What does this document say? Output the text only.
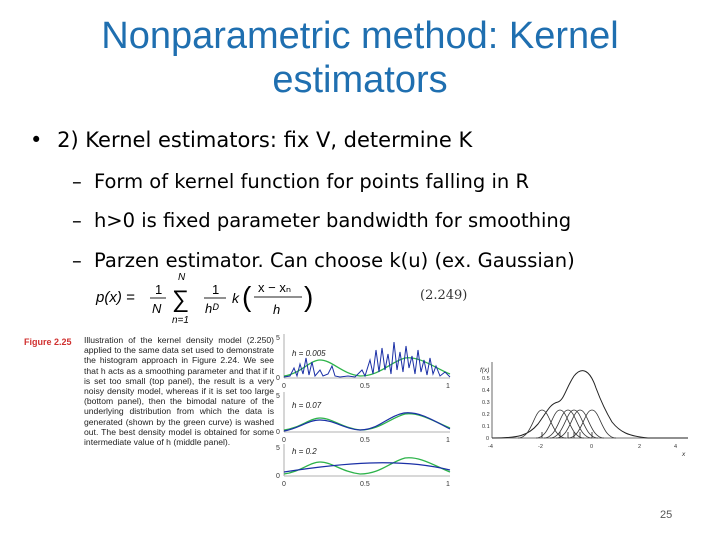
Nonparametric method: Kernel
estimators
• 2) Kernel estimators: fix V, determine K
– Form of kernel function for points falling in R
– h>0 is fixed parameter bandwidth for smoothing
– Parzen estimator. Can choose k(u) (ex. Gaussian)
p(x) = 1
N
N
∑
n=1
1
hᴰ
k ( x − xₙ
h )	(2.249)
Figure 2.25 Illustration of the kernel density model (2.250) applied to the same data set used to demonstrate the histogram approach in Figure 2.24. We see that h acts as a smoothing parameter and that if it is set too small (top panel), the result is a very noisy density model, whereas if it is set too large (bottom panel), then the bimodal nature of the underlying distribution from which the data is generated (shown by the green curve) is washed out. The best density model is obtained for some intermediate value of h (middle panel).
5
0
h = 0.005
0	0.5	1
5
0
h = 0.07
0	0.5	1
5
0
h = 0.2
0	0.5	1
f(x)
0.5
0.4
0.3
0.2
0.1
0
-4	-2	0	2	4
x
25
